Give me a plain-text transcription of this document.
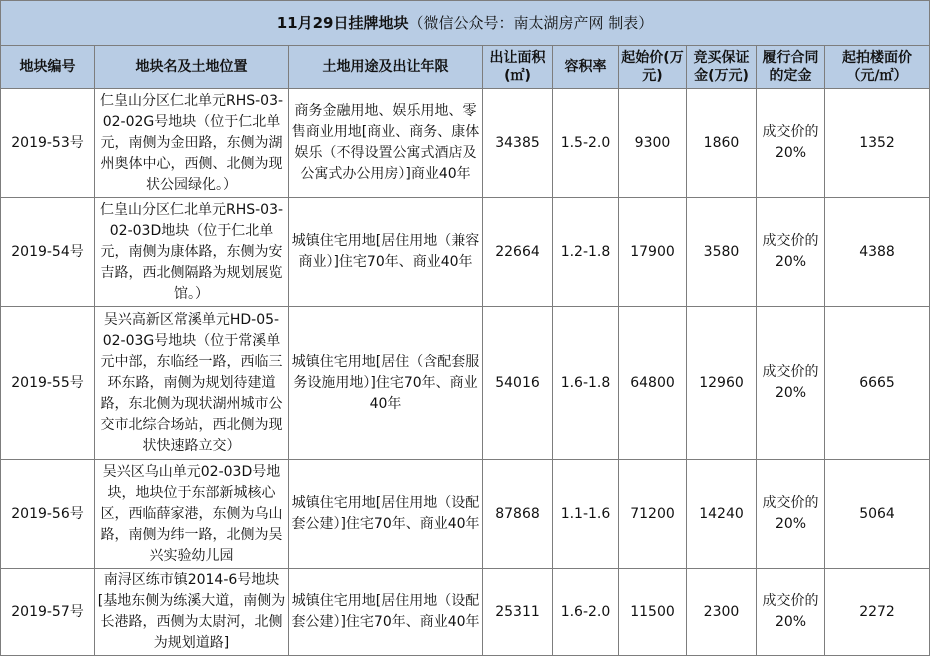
11月29日挂牌地块（微信公众号：南太湖房产网 制表）								
地块编号	地块名及土地位置	土地用途及出让年限	出让面积(㎡)	容积率	起始价(万元)	竞买保证金(万元)	履行合同的定金	起拍楼面价（元/㎡）
2019-53号	仁皇山分区仁北单元RHS-03-02-02G号地块（位于仁北单元，南侧为金田路，东侧为湖州奥体中心，西侧、北侧为现状公园绿化。）	商务金融用地、娱乐用地、零售商业用地[商业、商务、康体娱乐（不得设置公寓式酒店及公寓式办公用房）]商业40年	34385	1.5-2.0	9300	1860	成交价的20%	1352
2019-54号	仁皇山分区仁北单元RHS-03-02-03D地块（位于仁北单元，南侧为康体路，东侧为安吉路，西北侧隔路为规划展览馆。）	城镇住宅用地[居住用地（兼容商业）]住宅70年、商业40年	22664	1.2-1.8	17900	3580	成交价的20%	4388
2019-55号	吴兴高新区常溪单元HD-05-02-03G号地块（位于常溪单元中部，东临经一路，西临三环东路，南侧为规划待建道路，东北侧为现状湖州城市公交市北综合场站，西北侧为现状快速路立交）	城镇住宅用地[居住（含配套服务设施用地）]住宅70年、商业40年	54016	1.6-1.8	64800	12960	成交价的20%	6665
2019-56号	吴兴区乌山单元02-03D号地块，地块位于东部新城核心区，西临薛家港，东侧为乌山路，南侧为纬一路，北侧为吴兴实验幼儿园	城镇住宅用地[居住用地（设配套公建）]住宅70年、商业40年	87868	1.1-1.6	71200	14240	成交价的20%	5064
2019-57号	南浔区练市镇2014-6号地块[基地东侧为练溪大道，南侧为长港路，西侧为太尉河，北侧为规划道路]	城镇住宅用地[居住用地（设配套公建）]住宅70年、商业40年	25311	1.6-2.0	11500	2300	成交价的20%	2272
